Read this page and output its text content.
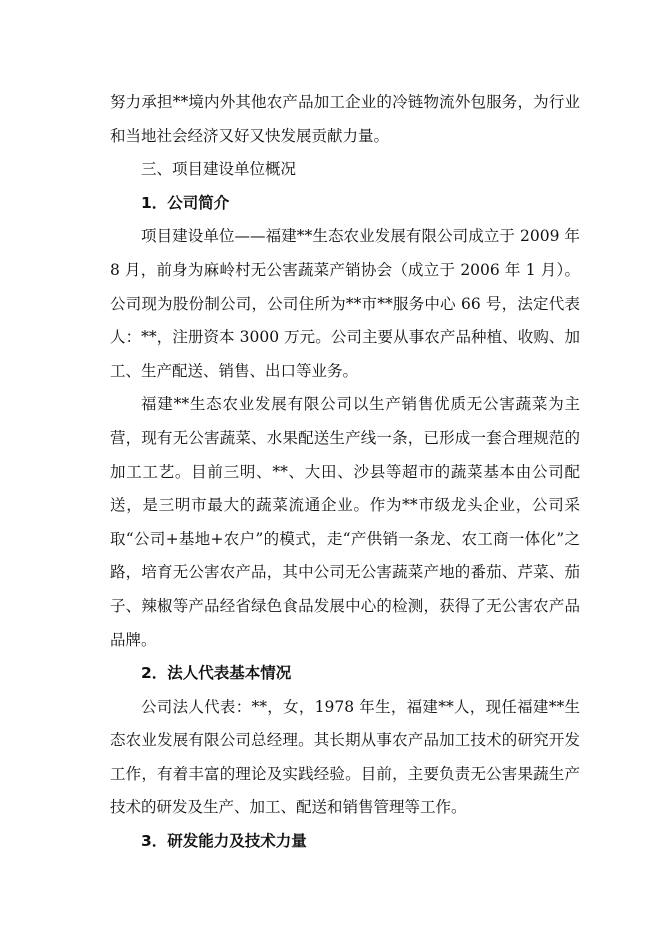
努力承担**境内外其他农产品加工企业的冷链物流外包服务，为行业和当地社会经济又好又快发展贡献力量。

三、项目建设单位概况

1．公司简介

项目建设单位——福建**生态农业发展有限公司成立于 2009 年 8 月，前身为麻岭村无公害蔬菜产销协会（成立于 2006 年 1 月）。公司现为股份制公司，公司住所为**市**服务中心 66 号，法定代表人：**，注册资本 3000 万元。公司主要从事农产品种植、收购、加工、生产配送、销售、出口等业务。

福建**生态农业发展有限公司以生产销售优质无公害蔬菜为主营，现有无公害蔬菜、水果配送生产线一条，已形成一套合理规范的加工工艺。目前三明、**、大田、沙县等超市的蔬菜基本由公司配送，是三明市最大的蔬菜流通企业。作为**市级龙头企业，公司采取“公司+基地+农户”的模式，走“产供销一条龙、农工商一体化”之路，培育无公害农产品，其中公司无公害蔬菜产地的番茄、芹菜、茄子、辣椒等产品经省绿色食品发展中心的检测，获得了无公害农产品品牌。

2．法人代表基本情况

公司法人代表：**，女，1978 年生，福建**人，现任福建**生态农业发展有限公司总经理。其长期从事农产品加工技术的研究开发工作，有着丰富的理论及实践经验。目前，主要负责无公害果蔬生产技术的研发及生产、加工、配送和销售管理等工作。

3．研发能力及技术力量
